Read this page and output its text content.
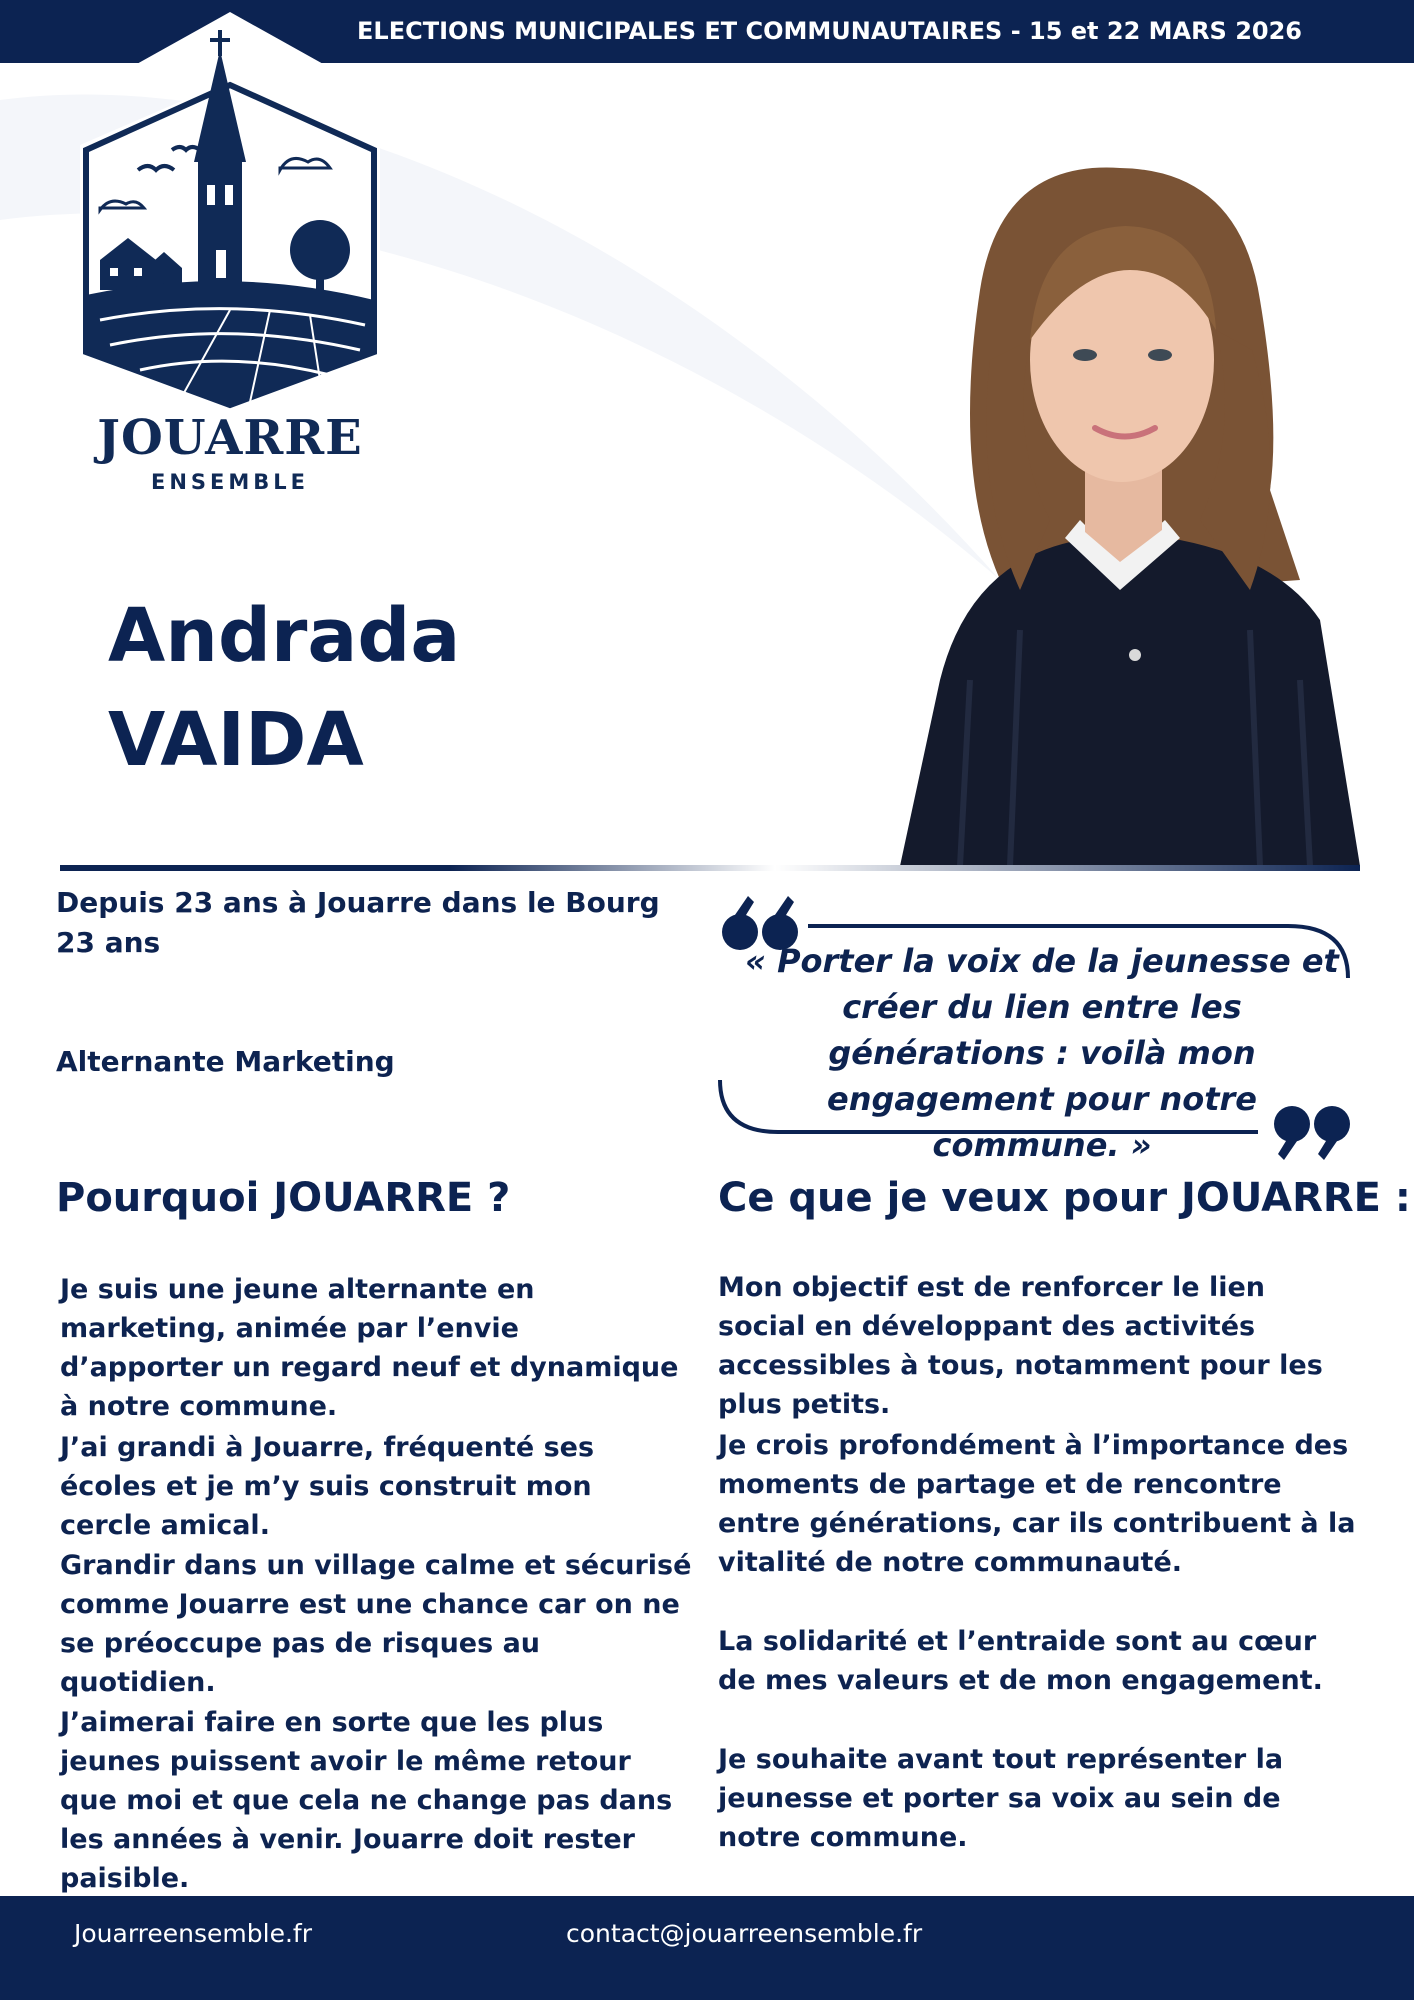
ELECTIONS MUNICIPALES ET COMMUNAUTAIRES - 15 et 22 MARS 2026
JOUARRE
ENSEMBLE
Andrada
VAIDA
Depuis 23 ans à Jouarre dans le Bourg
23 ans
Alternante Marketing
« Porter la voix de la jeunesse et créer du lien entre les générations : voilà mon engagement pour notre commune. »
Pourquoi JOUARRE ?

Je suis une jeune alternante en marketing, animée par l’envie d’apporter un regard neuf et dynamique à notre commune.

J’ai grandi à Jouarre, fréquenté ses écoles et je m’y suis construit mon cercle amical.

Grandir dans un village calme et sécurisé comme Jouarre est une chance car on ne se préoccupe pas de risques au quotidien.

J’aimerai faire en sorte que les plus jeunes puissent avoir le même retour que moi et que cela ne change pas dans les années à venir. Jouarre doit rester paisible.

Ce que je veux pour JOUARRE :

Mon objectif est de renforcer le lien social en développant des activités accessibles à tous, notamment pour les plus petits.

Je crois profondément à l’importance des moments de partage et de rencontre entre générations, car ils contribuent à la vitalité de notre communauté.

La solidarité et l’entraide sont au cœur de mes valeurs et de mon engagement.

Je souhaite avant tout représenter la jeunesse et porter sa voix au sein de notre commune.

Jouarreensemble.fr	contact@jouarreensemble.fr
